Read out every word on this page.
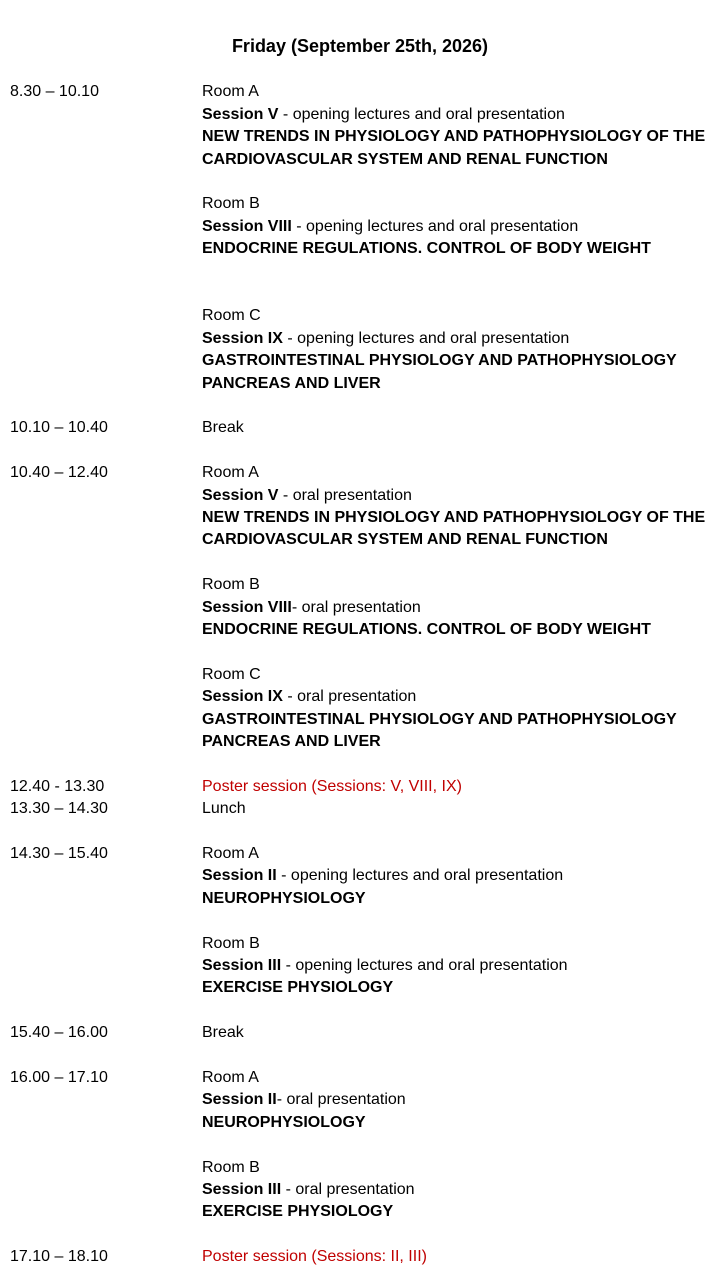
Friday (September 25th, 2026)
8.30 – 10.10
10.10 – 10.40
10.40 – 12.40
12.40 - 13.30
13.30 – 14.30
14.30 – 15.40
15.40 – 16.00
16.00 – 17.10
17.10 – 18.10
Room A
Session V - opening lectures and oral presentation
NEW TRENDS IN PHYSIOLOGY AND PATHOPHYSIOLOGY OF THE
CARDIOVASCULAR SYSTEM AND RENAL FUNCTION
Room B
Session VIII - opening lectures and oral presentation
ENDOCRINE REGULATIONS. CONTROL OF BODY WEIGHT
Room C
Session IX - opening lectures and oral presentation
GASTROINTESTINAL PHYSIOLOGY AND PATHOPHYSIOLOGY
PANCREAS AND LIVER
Break
Room A
Session V - oral presentation
NEW TRENDS IN PHYSIOLOGY AND PATHOPHYSIOLOGY OF THE
CARDIOVASCULAR SYSTEM AND RENAL FUNCTION
Room B
Session VIII- oral presentation
ENDOCRINE REGULATIONS. CONTROL OF BODY WEIGHT
Room C
Session IX - oral presentation
GASTROINTESTINAL PHYSIOLOGY AND PATHOPHYSIOLOGY
PANCREAS AND LIVER
Poster session (Sessions: V, VIII, IX)
Lunch
Room A
Session II - opening lectures and oral presentation
NEUROPHYSIOLOGY
Room B
Session III - opening lectures and oral presentation
EXERCISE PHYSIOLOGY
Break
Room A
Session II- oral presentation
NEUROPHYSIOLOGY
Room B
Session III - oral presentation
EXERCISE PHYSIOLOGY
Poster session (Sessions: II, III)
